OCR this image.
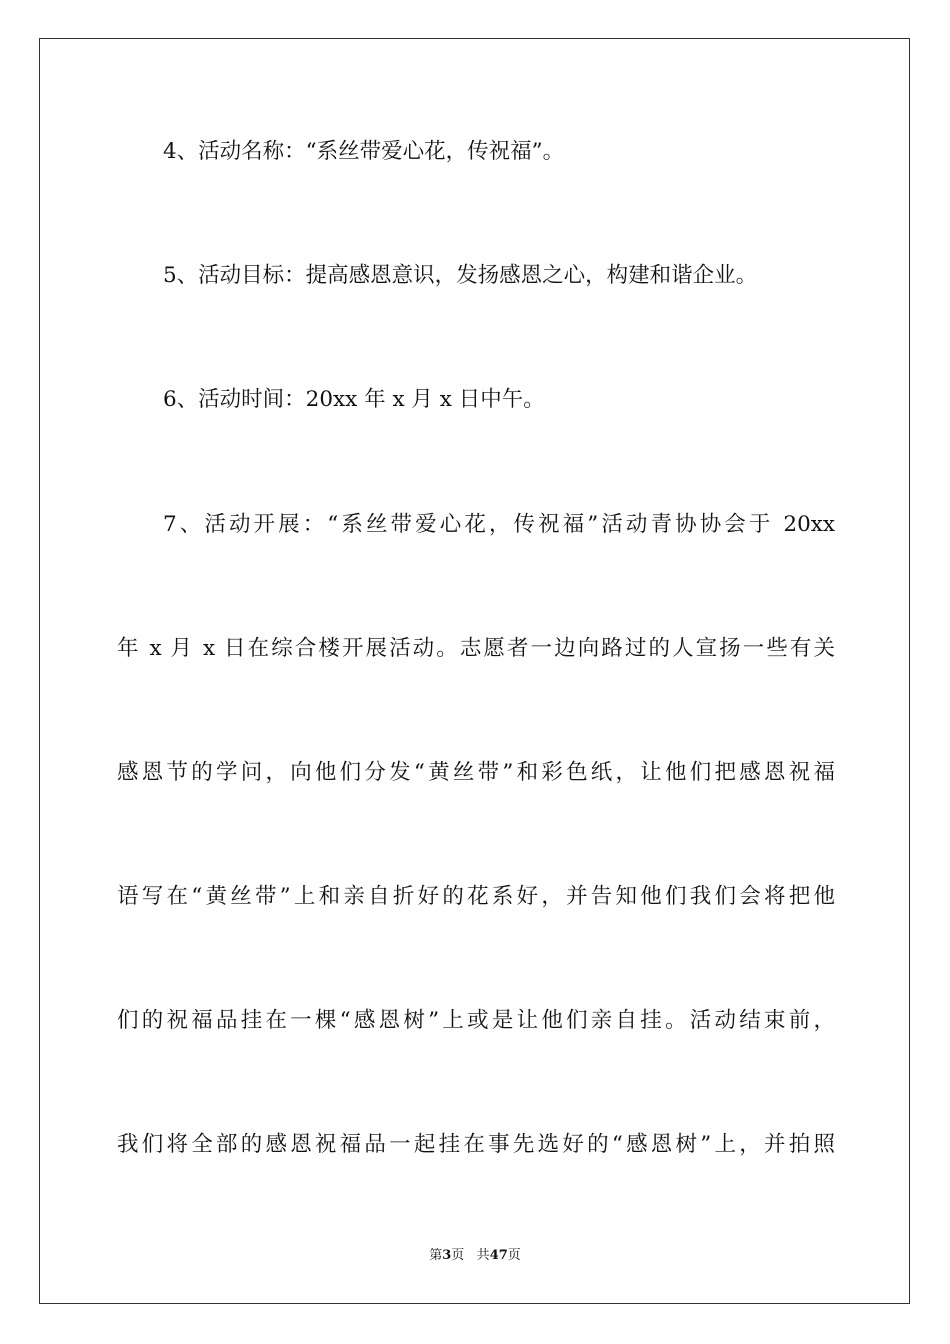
4、活动名称：“系丝带爱心花，传祝福”。
5、活动目标：提高感恩意识，发扬感恩之心，构建和谐企业。
6、活动时间：20xx 年 x 月 x 日中午。
7、活动开展：“系丝带爱心花，传祝福”活动青协协会于 20xx
年 x 月 x 日在综合楼开展活动。志愿者一边向路过的人宣扬一些有关
感恩节的学问，向他们分发“黄丝带”和彩色纸，让他们把感恩祝福
语写在“黄丝带”上和亲自折好的花系好，并告知他们我们会将把他
们的祝福品挂在一棵“感恩树”上或是让他们亲自挂。活动结束前，
我们将全部的感恩祝福品一起挂在事先选好的“感恩树”上，并拍照
第3页 共47页
